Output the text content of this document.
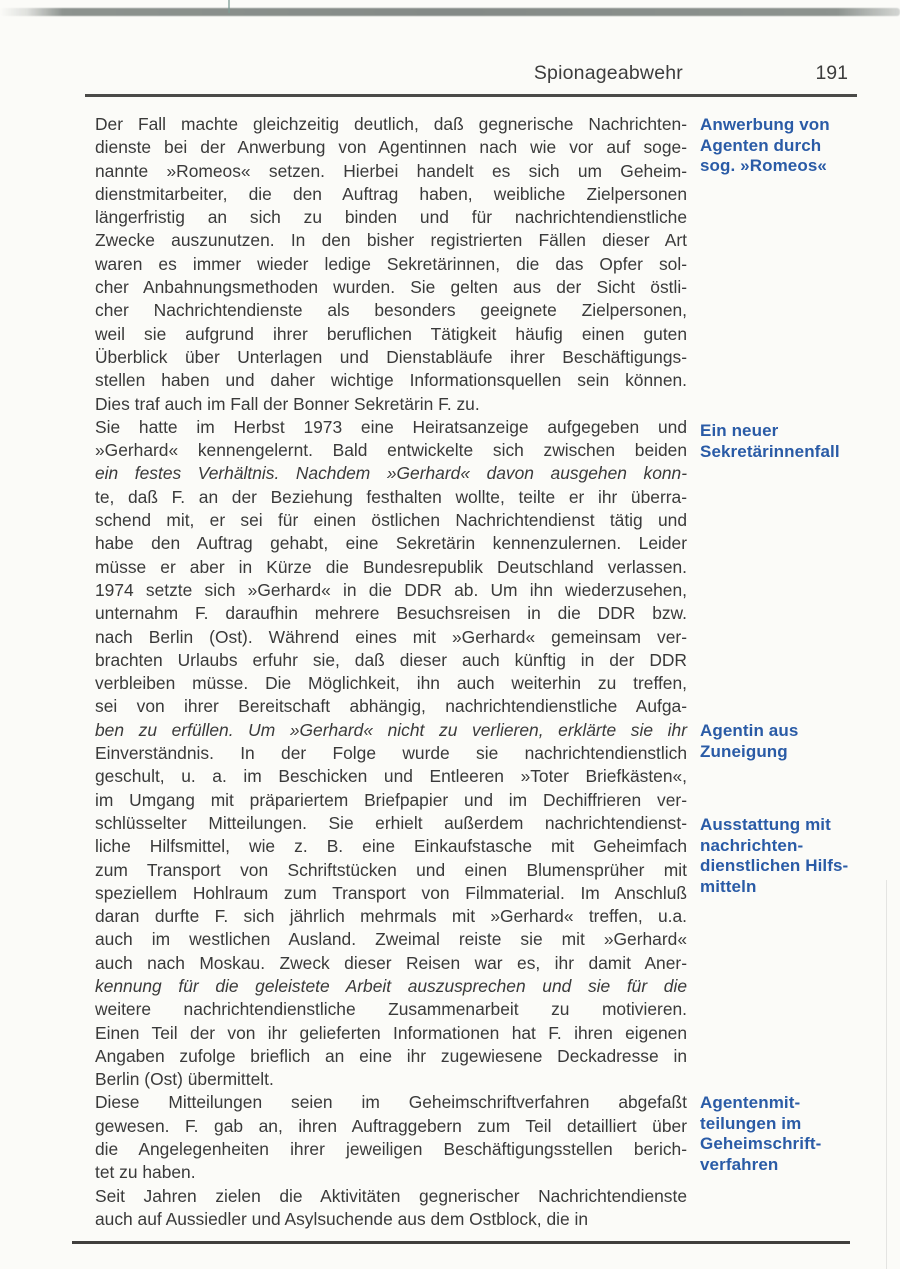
Spionageabwehr	191
Der Fall machte gleichzeitig deutlich, daß gegnerische Nachrichten-
dienste bei der Anwerbung von Agentinnen nach wie vor auf soge-
nannte »Romeos« setzen. Hierbei handelt es sich um Geheim-
dienstmitarbeiter, die den Auftrag haben, weibliche Zielpersonen
längerfristig an sich zu binden und für nachrichtendienstliche
Zwecke auszunutzen. In den bisher registrierten Fällen dieser Art
waren es immer wieder ledige Sekretärinnen, die das Opfer sol-
cher Anbahnungsmethoden wurden. Sie gelten aus der Sicht östli-
cher Nachrichtendienste als besonders geeignete Zielpersonen,
weil sie aufgrund ihrer beruflichen Tätigkeit häufig einen guten
Überblick über Unterlagen und Dienstabläufe ihrer Beschäftigungs-
stellen haben und daher wichtige Informationsquellen sein können.
Dies traf auch im Fall der Bonner Sekretärin F. zu.
Sie hatte im Herbst 1973 eine Heiratsanzeige aufgegeben und
»Gerhard« kennengelernt. Bald entwickelte sich zwischen beiden
ein festes Verhältnis. Nachdem »Gerhard« davon ausgehen konn-
te, daß F. an der Beziehung festhalten wollte, teilte er ihr überra-
schend mit, er sei für einen östlichen Nachrichtendienst tätig und
habe den Auftrag gehabt, eine Sekretärin kennenzulernen. Leider
müsse er aber in Kürze die Bundesrepublik Deutschland verlassen.
1974 setzte sich »Gerhard« in die DDR ab. Um ihn wiederzusehen,
unternahm F. daraufhin mehrere Besuchsreisen in die DDR bzw.
nach Berlin (Ost). Während eines mit »Gerhard« gemeinsam ver-
brachten Urlaubs erfuhr sie, daß dieser auch künftig in der DDR
verbleiben müsse. Die Möglichkeit, ihn auch weiterhin zu treffen,
sei von ihrer Bereitschaft abhängig, nachrichtendienstliche Aufga-
ben zu erfüllen. Um »Gerhard« nicht zu verlieren, erklärte sie ihr
Einverständnis. In der Folge wurde sie nachrichtendienstlich
geschult, u. a. im Beschicken und Entleeren »Toter Briefkästen«,
im Umgang mit präpariertem Briefpapier und im Dechiffrieren ver-
schlüsselter Mitteilungen. Sie erhielt außerdem nachrichtendienst-
liche Hilfsmittel, wie z. B. eine Einkaufstasche mit Geheimfach
zum Transport von Schriftstücken und einen Blumensprüher mit
speziellem Hohlraum zum Transport von Filmmaterial. Im Anschluß
daran durfte F. sich jährlich mehrmals mit »Gerhard« treffen, u.a.
auch im westlichen Ausland. Zweimal reiste sie mit »Gerhard«
auch nach Moskau. Zweck dieser Reisen war es, ihr damit Aner-
kennung für die geleistete Arbeit auszusprechen und sie für die
weitere nachrichtendienstliche Zusammenarbeit zu motivieren.
Einen Teil der von ihr gelieferten Informationen hat F. ihren eigenen
Angaben zufolge brieflich an eine ihr zugewiesene Deckadresse in
Berlin (Ost) übermittelt.
Diese Mitteilungen seien im Geheimschriftverfahren abgefaßt
gewesen. F. gab an, ihren Auftraggebern zum Teil detailliert über
die Angelegenheiten ihrer jeweiligen Beschäftigungsstellen berich-
tet zu haben.
Seit Jahren zielen die Aktivitäten gegnerischer Nachrichtendienste
auch auf Aussiedler und Asylsuchende aus dem Ostblock, die in
Anwerbung von
Agenten durch
sog. »Romeos«
Ein neuer
Sekretärinnenfall
Agentin aus
Zuneigung
Ausstattung mit
nachrichten-
dienstlichen Hilfs-
mitteln
Agentenmit-
teilungen im
Geheimschrift-
verfahren
